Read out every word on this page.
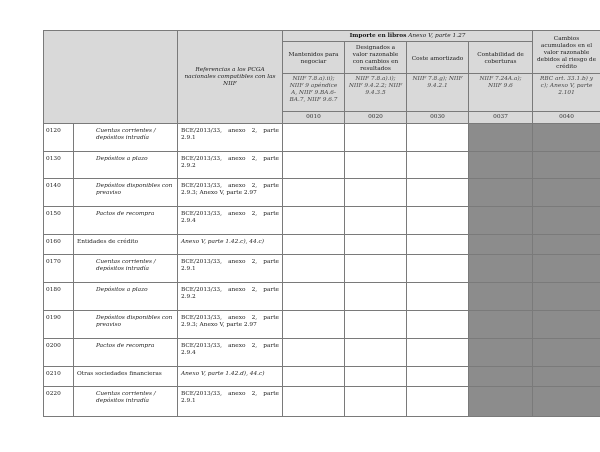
		Referencias a los PCGA nacionales compatibles con las NIIF	Importe en libros Anexo V, parte 1.27				Cambios acumulados en el valor razonable debidos al riesgo de crédito
			Mantenidos para negociar	Designados a valor razonable con cambios en resultados	Coste amortizado	Contabilidad de coberturas	
			NIIF 7.8.a).ii); NIIF 9 apéndice A, NIIF 9.BA.6-BA.7, NIIF 9.6.7	NIIF 7.8.a).i); NIIF 9.4.2.2; NIIF 9.4.3.5	NIIF 7.8.g); NIIF 9.4.2.1	NIIF 7.24A.a); NIIF 9.6	RBC art. 33.1.b) y c); Anexo V, parte 2.101
			0010	0020	0030	0037	0040
0120	Cuentas corrientes / depósitos intradía	BCE/2013/33, anexo 2, parte 2.9.1					
0130	Depósitos a plazo	BCE/2013/33, anexo 2, parte 2.9.2					
0140	Depósitos disponibles con preaviso	BCE/2013/33, anexo 2, parte 2.9.3; Anexo V, parte 2.97					
0150	Pactos de recompra	BCE/2013/33, anexo 2, parte 2.9.4					
0160	Entidades de crédito	Anexo V, parte 1.42.c), 44.c)					
0170	Cuentas corrientes / depósitos intradía	BCE/2013/33, anexo 2, parte 2.9.1					
0180	Depósitos a plazo	BCE/2013/33, anexo 2, parte 2.9.2					
0190	Depósitos disponibles con preaviso	BCE/2013/33, anexo 2, parte 2.9.3; Anexo V, parte 2.97					
0200	Pactos de recompra	BCE/2013/33, anexo 2, parte 2.9.4					
0210	Otras sociedades financieras	Anexo V, parte 1.42.d), 44.c)					
0220	Cuentas corrientes / depósitos intradía	BCE/2013/33, anexo 2, parte 2.9.1					
